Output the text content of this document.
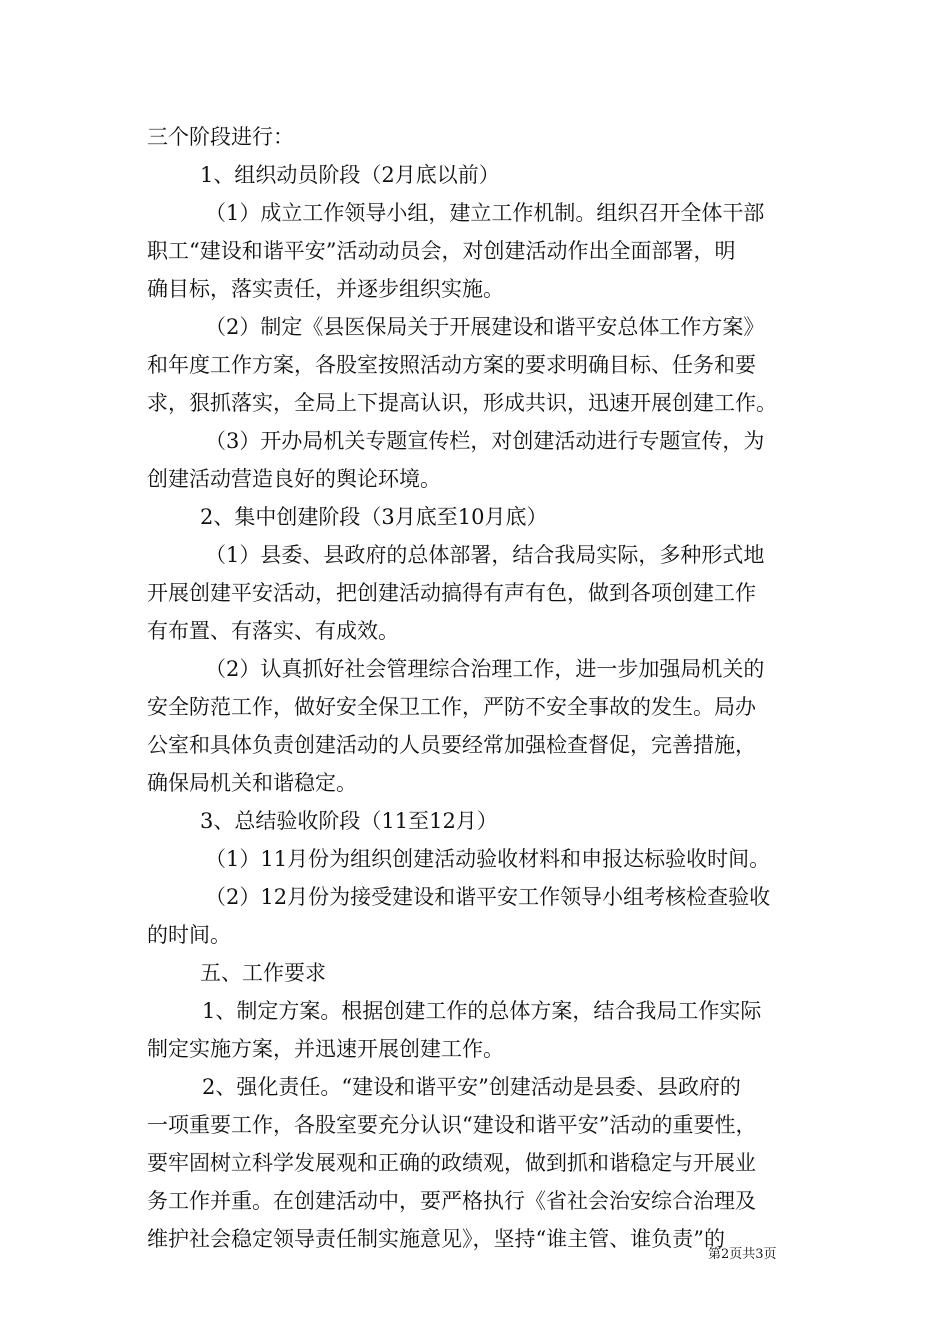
三个阶段进行：
1、组织动员阶段（2月底以前）
（1）成立工作领导小组，建立工作机制。组织召开全体干部
职工“建设和谐平安”活动动员会，对创建活动作出全面部署，明
确目标，落实责任，并逐步组织实施。
（2）制定《县医保局关于开展建设和谐平安总体工作方案》
和年度工作方案，各股室按照活动方案的要求明确目标、任务和要
求，狠抓落实，全局上下提高认识，形成共识，迅速开展创建工作。
（3）开办局机关专题宣传栏，对创建活动进行专题宣传，为
创建活动营造良好的舆论环境。
2、集中创建阶段（3月底至10月底）
（1）县委、县政府的总体部署，结合我局实际，多种形式地
开展创建平安活动，把创建活动搞得有声有色，做到各项创建工作
有布置、有落实、有成效。
（2）认真抓好社会管理综合治理工作，进一步加强局机关的
安全防范工作，做好安全保卫工作，严防不安全事故的发生。局办
公室和具体负责创建活动的人员要经常加强检查督促，完善措施，
确保局机关和谐稳定。
3、总结验收阶段（11至12月）
（1）11月份为组织创建活动验收材料和申报达标验收时间。
（2）12月份为接受建设和谐平安工作领导小组考核检查验收
的时间。
五、工作要求
1、制定方案。根据创建工作的总体方案，结合我局工作实际
制定实施方案，并迅速开展创建工作。
2、强化责任。“建设和谐平安”创建活动是县委、县政府的
一项重要工作，各股室要充分认识“建设和谐平安”活动的重要性，
要牢固树立科学发展观和正确的政绩观，做到抓和谐稳定与开展业
务工作并重。在创建活动中，要严格执行《省社会治安综合治理及
维护社会稳定领导责任制实施意见》，坚持“谁主管、谁负责”的
第2页共3页
